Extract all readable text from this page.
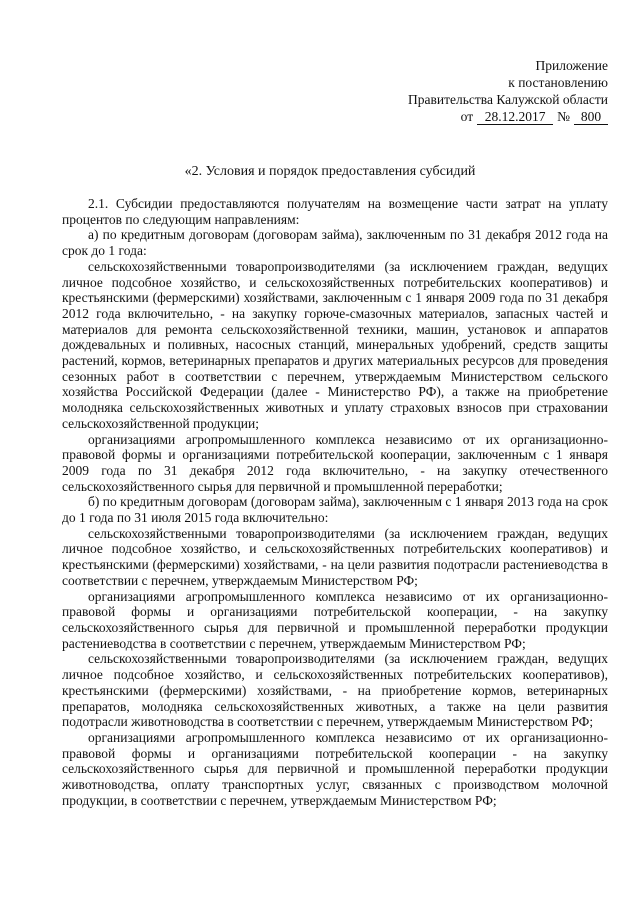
Приложение
к постановлению
Правительства Калужской области
от 28.12.2017 № 800
«2. Условия и порядок предоставления субсидий

2.1. Субсидии предоставляются получателям на возмещение части затрат на уплату процентов по следующим направлениям:

а) по кредитным договорам (договорам займа), заключенным по 31 декабря 2012 года на срок до 1 года:

сельскохозяйственными товаропроизводителями (за исключением граждан, ведущих личное подсобное хозяйство, и сельскохозяйственных потребительских кооперативов) и крестьянскими (фермерскими) хозяйствами, заключенным с 1 января 2009 года по 31 декабря 2012 года включительно, - на закупку горюче-смазочных материалов, запасных частей и материалов для ремонта сельскохозяйственной техники, машин, установок и аппаратов дождевальных и поливных, насосных станций, минеральных удобрений, средств защиты растений, кормов, ветеринарных препаратов и других материальных ресурсов для проведения сезонных работ в соответствии с перечнем, утверждаемым Министерством сельского хозяйства Российской Федерации (далее - Министерство РФ), а также на приобретение молодняка сельскохозяйственных животных и уплату страховых взносов при страховании сельскохозяйственной продукции;

организациями агропромышленного комплекса независимо от их организационно-правовой формы и организациями потребительской кооперации, заключенным с 1 января 2009 года по 31 декабря 2012 года включительно, - на закупку отечественного сельскохозяйственного сырья для первичной и промышленной переработки;

б) по кредитным договорам (договорам займа), заключенным с 1 января 2013 года на срок до 1 года по 31 июля 2015 года включительно:

сельскохозяйственными товаропроизводителями (за исключением граждан, ведущих личное подсобное хозяйство, и сельскохозяйственных потребительских кооперативов) и крестьянскими (фермерскими) хозяйствами, - на цели развития подотрасли растениеводства в соответствии с перечнем, утверждаемым Министерством РФ;

организациями агропромышленного комплекса независимо от их организационно-правовой формы и организациями потребительской кооперации, - на закупку сельскохозяйственного сырья для первичной и промышленной переработки продукции растениеводства в соответствии с перечнем, утверждаемым Министерством РФ;

сельскохозяйственными товаропроизводителями (за исключением граждан, ведущих личное подсобное хозяйство, и сельскохозяйственных потребительских кооперативов), крестьянскими (фермерскими) хозяйствами, - на приобретение кормов, ветеринарных препаратов, молодняка сельскохозяйственных животных, а также на цели развития подотрасли животноводства в соответствии с перечнем, утверждаемым Министерством РФ;

организациями агропромышленного комплекса независимо от их организационно-правовой формы и организациями потребительской кооперации - на закупку сельскохозяйственного сырья для первичной и промышленной переработки продукции животноводства, оплату транспортных услуг, связанных с производством молочной продукции, в соответствии с перечнем, утверждаемым Министерством РФ;
